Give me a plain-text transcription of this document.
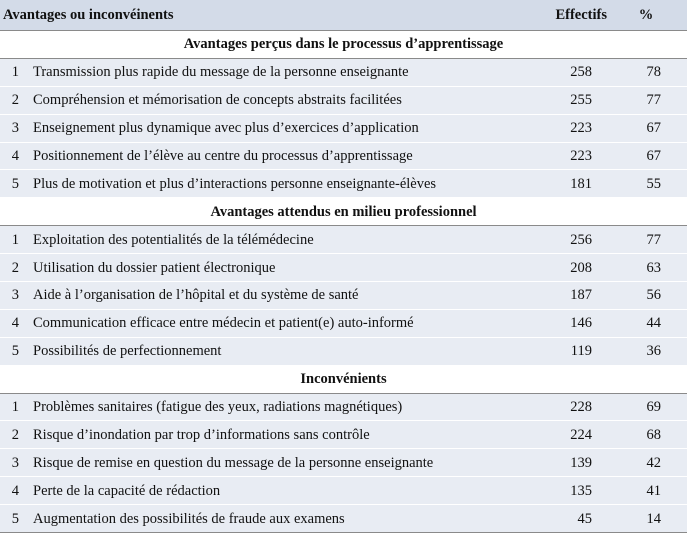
Avantages ou inconvéinents		Effectifs	%
Avantages perçus dans le processus d’apprentissage			
1	Transmission plus rapide du message de la personne enseignante	258	78
2	Compréhension et mémorisation de concepts abstraits facilitées	255	77
3	Enseignement plus dynamique avec plus d’exercices d’application	223	67
4	Positionnement de l’élève au centre du processus d’apprentissage	223	67
5	Plus de motivation et plus d’interactions personne enseignante-élèves	181	55
Avantages attendus en milieu professionnel			
1	Exploitation des potentialités de la télémédecine	256	77
2	Utilisation du dossier patient électronique	208	63
3	Aide à l’organisation de l’hôpital et du système de santé	187	56
4	Communication efficace entre médecin et patient(e) auto-informé	146	44
5	Possibilités de perfectionnement	119	36
Inconvénients			
1	Problèmes sanitaires (fatigue des yeux, radiations magnétiques)	228	69
2	Risque d’inondation par trop d’informations sans contrôle	224	68
3	Risque de remise en question du message de la personne enseignante	139	42
4	Perte de la capacité de rédaction	135	41
5	Augmentation des possibilités de fraude aux examens	45	14
